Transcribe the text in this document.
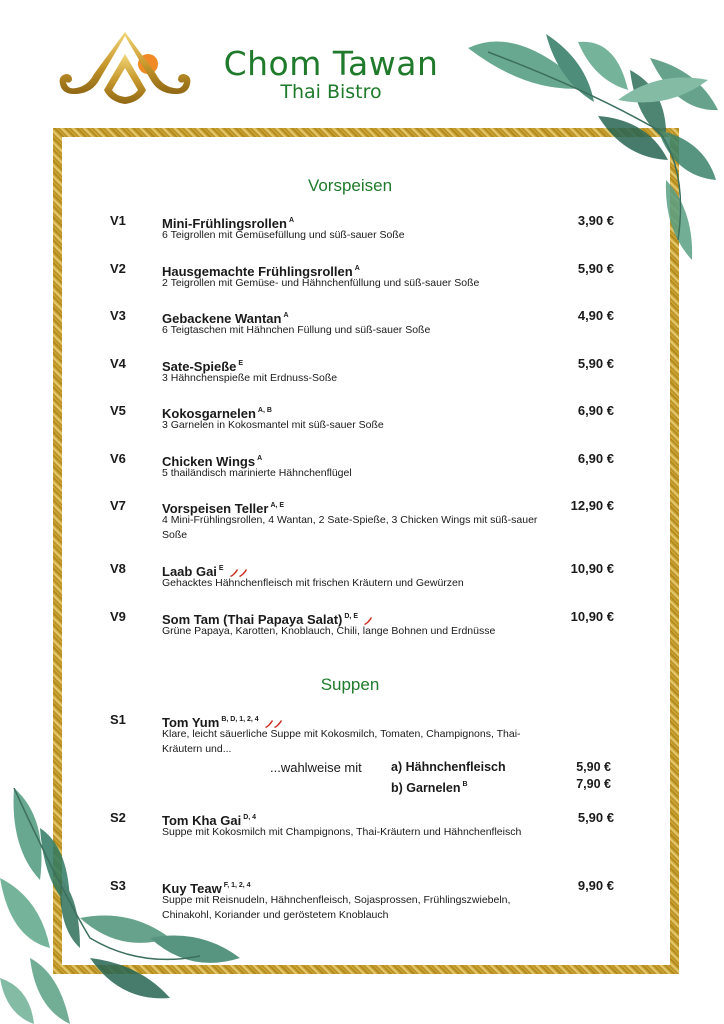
Chom Tawan
Thai Bistro
Vorspeisen
V1	Mini-Frühlingsrollen $^A$	3,90 €
6 Teigrollen mit Gemüsefüllung und süß-sauer Soße
V2	Hausgemachte Frühlingsrollen $^A$	5,90 €
2 Teigrollen mit Gemüse- und Hähnchenfüllung und süß-sauer Soße
V3	Gebackene Wantan $^A$	4,90 €
6 Teigtaschen mit Hähnchen Füllung und süß-sauer Soße
V4	Sate-Spieße $^E$	5,90 €
3 Hähnchenspieße mit Erdnuss-Soße
V5	Kokosgarnelen $^{A, B}$	6,90 €
3 Garnelen in Kokosmantel mit süß-sauer Soße
V6	Chicken Wings $^A$	6,90 €
5 thailändisch marinierte Hähnchenflügel
V7	Vorspeisen Teller $^{A, E}$	12,90 €
4 Mini-Frühlingsrollen, 4 Wantan, 2 Sate-Spieße, 3 Chicken Wings mit süß-sauer Soße
V8	Laab Gai $^E$	10,90 €
Gehacktes Hähnchenfleisch mit frischen Kräutern und Gewürzen
V9	Som Tam (Thai Papaya Salat) $^{D, E}$	10,90 €
Grüne Papaya, Karotten, Knoblauch, Chili, lange Bohnen und Erdnüsse
Suppen
S1	Tom Yum $^{B, D, 1, 2, 4}$
Klare, leicht säuerliche Suppe mit Kokosmilch, Tomaten, Champignons, Thai-Kräutern und...
...wahlweise mit a) Hähnchenfleisch	5,90 €
b) Garnelen $^B$	7,90 €
S2	Tom Kha Gai $^{D, 4}$	5,90 €
Suppe mit Kokosmilch mit Champignons, Thai-Kräutern und Hähnchenfleisch
S3	Kuy Teaw $^{F, 1, 2, 4}$	9,90 €
Suppe mit Reisnudeln, Hähnchenfleisch, Sojasprossen, Frühlingszwiebeln, Chinakohl, Koriander und geröstetem Knoblauch
